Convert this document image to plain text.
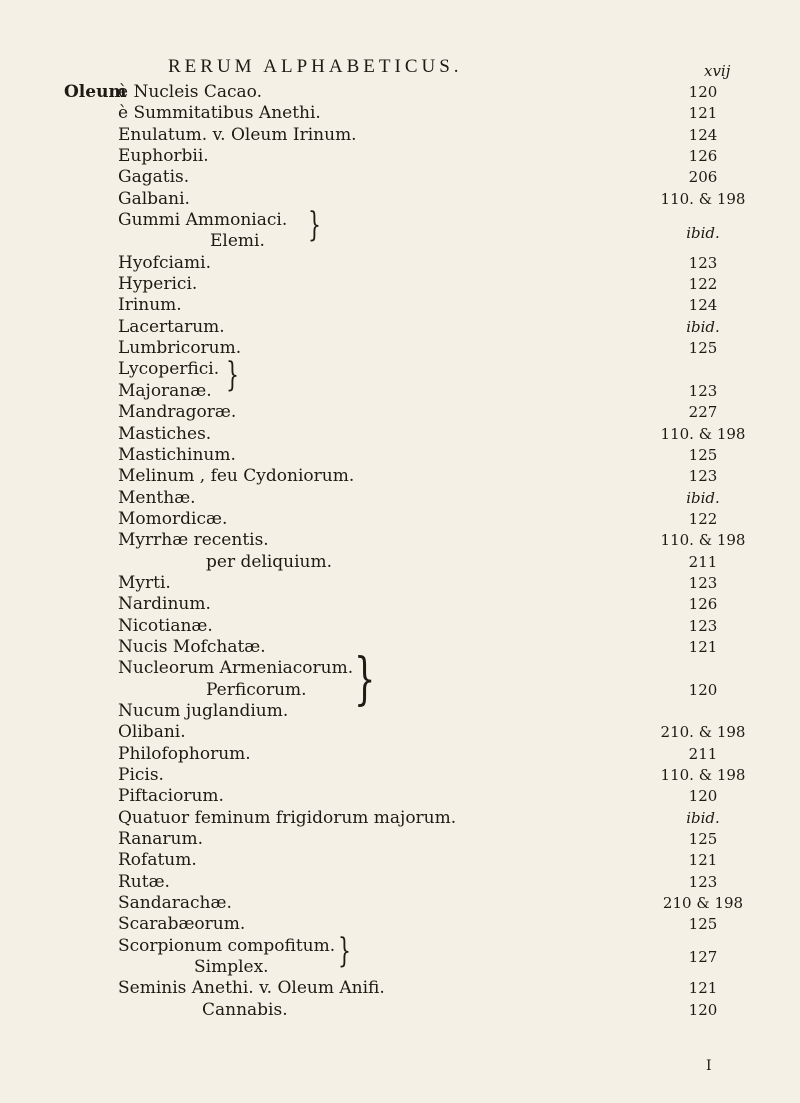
RERUM ALPHABETICUS.	xvij
Oleum
è Nucleis Cacao.	120
è Summitatibus Anethi.	121
Enulatum. v. Oleum Irinum.	124
Euphorbii.	126
Gagatis.	206
Galbani.	110. & 198
Gummi Ammoniaci.
Elemi.	ibid.
Hyofciami.	123
Hyperici.	122
Irinum.	124
Lacertarum.	ibid.
Lumbricorum.	125
Lycoperfici.
Majoranæ.	123
Mandragoræ.	227
Mastiches.	110. & 198
Mastichinum.	125
Melinum , feu Cydoniorum.	123
Menthæ.	ibid.
Momordicæ.	122
Myrrhæ recentis.	110. & 198
per deliquium.	211
Myrti.	123
Nardinum.	126
Nicotianæ.	123
Nucis Mofchatæ.	121
Nucleorum Armeniacorum.
Perficorum.	120
Nucum juglandium.
Olibani.	210. & 198
Philofophorum.	211
Picis.	110. & 198
Piftaciorum.	120
Quatuor feminum frigidorum majorum.	ibid.
Ranarum.	125
Rofatum.	121
Rutæ.	123
Sandarachæ.	210 & 198
Scarabæorum.	125
Scorpionum compofitum.
Simplex.	127
Seminis Anethi. v. Oleum Anifi.	121
Cannabis.	120
}
}
}
}
I
